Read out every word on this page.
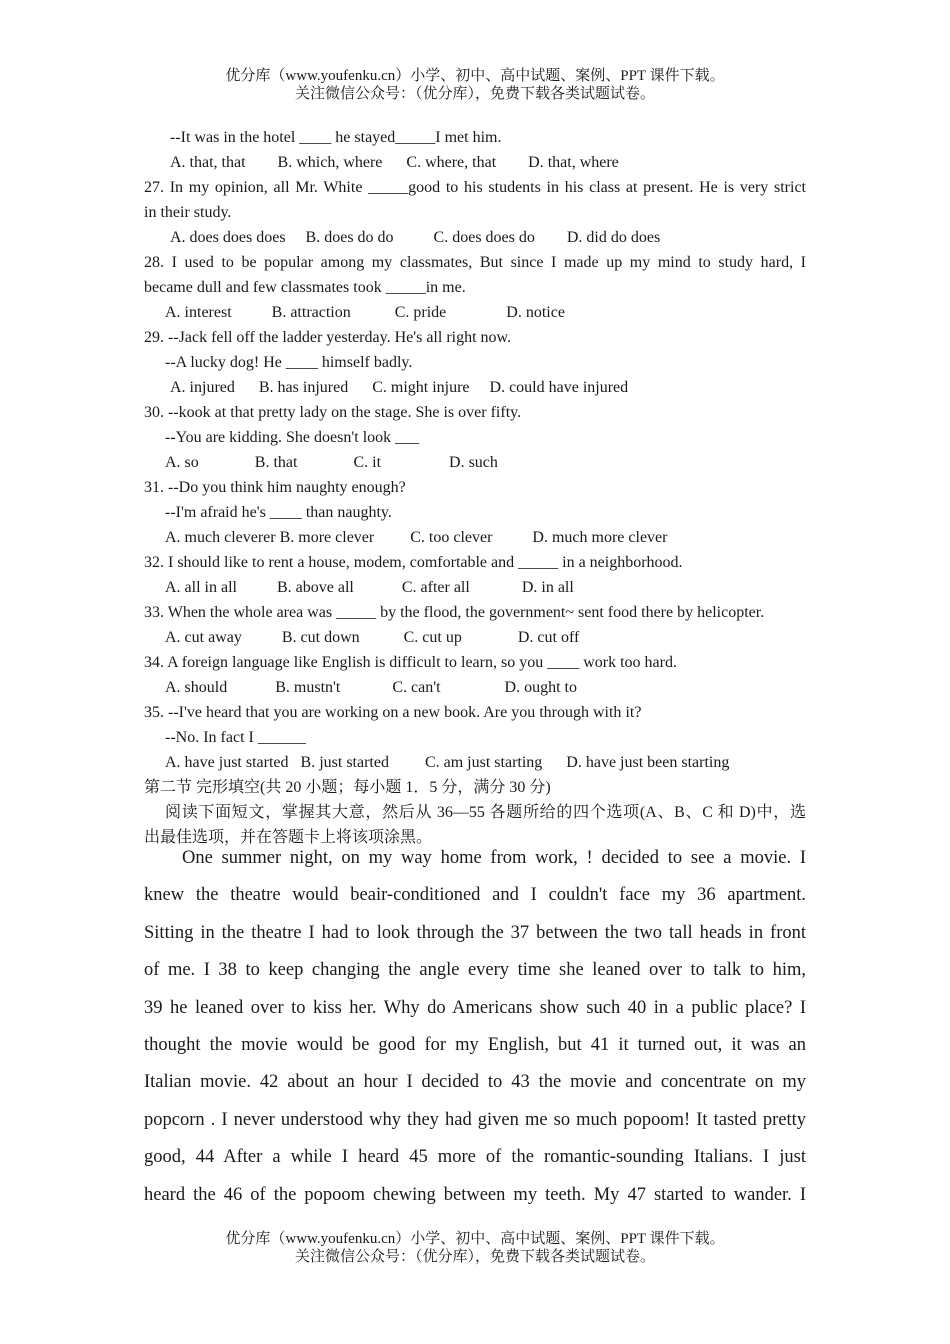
优分库（www.youfenku.cn）小学、初中、高中试题、案例、PPT 课件下载。
关注微信公众号：（优分库），免费下载各类试题试卷。
--It was in the hotel ____ he stayed_____I met him.
A. that, that        B. which, where      C. where, that        D. that, where
27. In my opinion, all Mr. White _____good to his students in his class at present. He is very strict
in their study.
A. does does does     B. does do do          C. does does do        D. did do does
28. I used to be popular among my classmates, But since I made up my mind to study hard, I
became dull and few classmates took _____in me.
A. interest          B. attraction           C. pride               D. notice
29. --Jack fell off the ladder yesterday. He's all right now.
--A lucky dog! He ____ himself badly.
A. injured      B. has injured      C. might injure     D. could have injured
30. --kook at that pretty lady on the stage. She is over fifty.
--You are kidding. She doesn't look ___
A. so              B. that              C. it                 D. such
31. --Do you think him naughty enough?
--I'm afraid he's ____ than naughty.
A. much cleverer B. more clever         C. too clever          D. much more clever
32. I should like to rent a house, modem, comfortable and _____ in a neighborhood.
A. all in all          B. above all            C. after all             D. in all
33. When the whole area was _____ by the flood, the government~ sent food there by helicopter.
A. cut away          B. cut down           C. cut up              D. cut off
34. A foreign language like English is difficult to learn, so you ____ work too hard.
A. should            B. mustn't             C. can't                D. ought to
35. --I've heard that you are working on a new book. Are you through with it?
--No. In fact I ______
A. have just started   B. just started         C. am just starting      D. have just been starting
第二节 完形填空(共 20 小题；每小题 1．5 分，满分 30 分)
阅读下面短文，掌握其大意，然后从 36—55 各题所给的四个选项(A、B、C 和 D)中，选
出最佳选项，并在答题卡上将该项涂黑。
One summer night, on my way home from work, ! decided to see a movie. I
knew the theatre would beair-conditioned and I couldn't face my 36 apartment.
Sitting in the theatre I had to look through the 37 between the two tall heads in front
of me. I 38 to keep changing the angle every time she leaned over to talk to him,
39 he leaned over to kiss her. Why do Americans show such 40 in a public place? I
thought the movie would be good for my English, but 41 it turned out, it was an
Italian movie. 42 about an hour I decided to 43 the movie and concentrate on my
popcorn . I never understood why they had given me so much popoom! It tasted pretty
good, 44 After a while I heard 45 more of the romantic-sounding Italians. I just
heard the 46 of the popoom chewing between my teeth. My 47 started to wander. I
优分库（www.youfenku.cn）小学、初中、高中试题、案例、PPT 课件下载。
关注微信公众号：（优分库），免费下载各类试题试卷。
